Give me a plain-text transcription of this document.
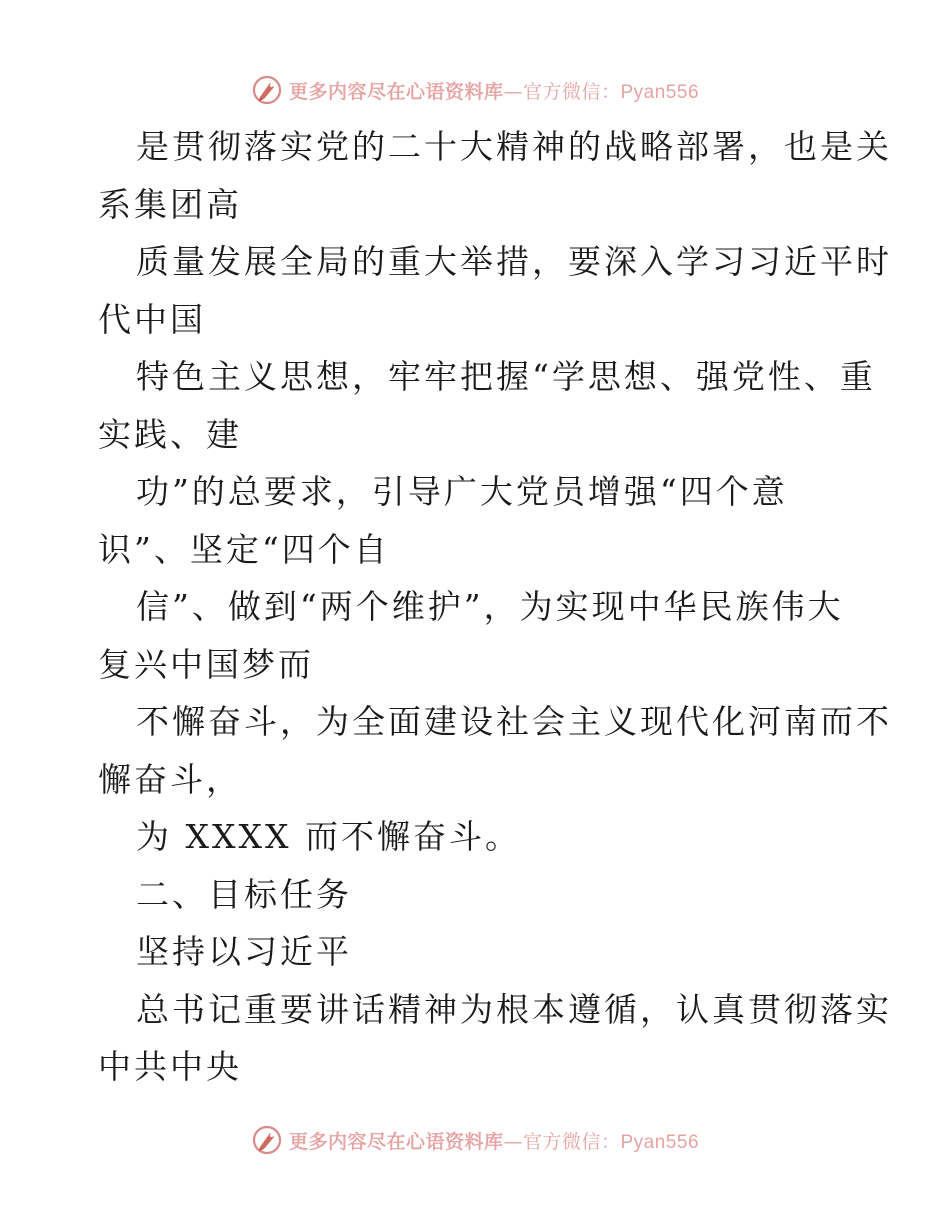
更多内容尽在心语资料库—官方微信：Pyan556
是贯彻落实党的二十大精神的战略部署，也是关
系集团高
质量发展全局的重大举措，要深入学习习近平时
代中国
特色主义思想，牢牢把握“学思想、强党性、重
实践、建
功”的总要求，引导广大党员增强“四个意
识”、坚定“四个自
信”、做到“两个维护”，为实现中华民族伟大
复兴中国梦而
不懈奋斗，为全面建设社会主义现代化河南而不
懈奋斗，
为 XXXX 而不懈奋斗。
二、目标任务
坚持以习近平
总书记重要讲话精神为根本遵循，认真贯彻落实
中共中央
更多内容尽在心语资料库—官方微信：Pyan556
